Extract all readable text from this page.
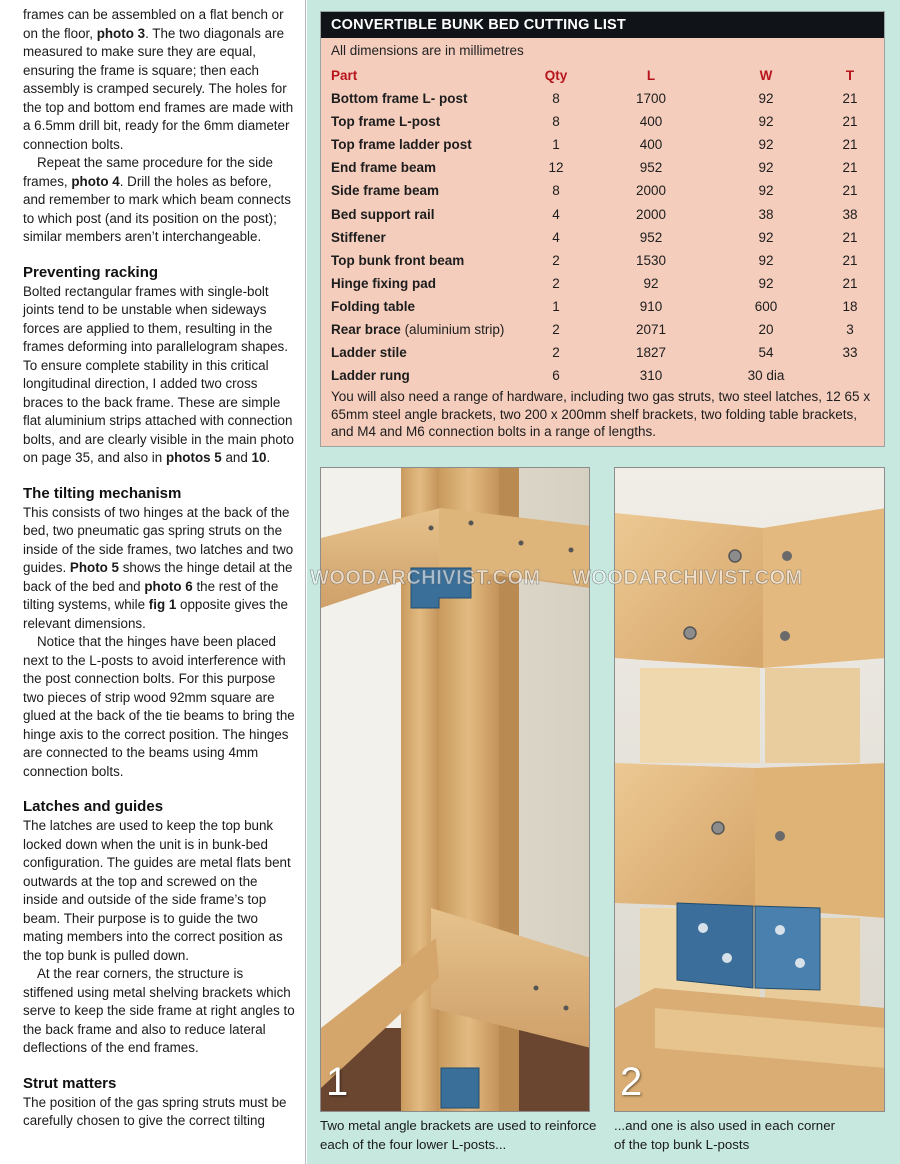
frames can be assembled on a flat bench or on the floor, photo 3. The two diagonals are measured to make sure they are equal, ensuring the frame is square; then each assembly is cramped securely. The holes for the top and bottom end frames are made with a 6.5mm drill bit, ready for the 6mm diameter connection bolts.

Repeat the same procedure for the side frames, photo 4. Drill the holes as before, and remember to mark which beam connects to which post (and its position on the post); similar members aren’t interchangeable.

Preventing racking

Bolted rectangular frames with single-bolt joints tend to be unstable when sideways forces are applied to them, resulting in the frames deforming into parallelogram shapes. To ensure complete stability in this critical longitudinal direction, I added two cross braces to the back frame. These are simple flat aluminium strips attached with connection bolts, and are clearly visible in the main photo on page 35, and also in photos 5 and 10.

The tilting mechanism

This consists of two hinges at the back of the bed, two pneumatic gas spring struts on the inside of the side frames, two latches and two guides. Photo 5 shows the hinge detail at the back of the bed and photo 6 the rest of the tilting systems, while fig 1 opposite gives the relevant dimensions.

Notice that the hinges have been placed next to the L-posts to avoid interference with the post connection bolts. For this purpose two pieces of strip wood 92mm square are glued at the back of the tie beams to bring the hinge axis to the correct position. The hinges are connected to the beams using 4mm connection bolts.

Latches and guides

The latches are used to keep the top bunk locked down when the unit is in bunk-bed configuration. The guides are metal flats bent outwards at the top and screwed on the inside and outside of the side frame’s top beam. Their purpose is to guide the two mating members into the correct position as the top bunk is pulled down.

At the rear corners, the structure is stiffened using metal shelving brackets which serve to keep the side frame at right angles to the back frame and also to reduce lateral deflections of the end frames.

Strut matters

The position of the gas spring struts must be carefully chosen to give the correct tilting

CONVERTIBLE BUNK BED CUTTING LIST
All dimensions are in millimetres
Part	Qty	L	W	T
Bottom frame L- post	8	1700	92	21
Top frame L-post	8	400	92	21
Top frame ladder post	1	400	92	21
End frame beam	12	952	92	21
Side frame beam	8	2000	92	21
Bed support rail	4	2000	38	38
Stiffener	4	952	92	21
Top bunk front beam	2	1530	92	21
Hinge fixing pad	2	92	92	21
Folding table	1	910	600	18
Rear brace (aluminium strip)	2	2071	20	3
Ladder stile	2	1827	54	33
Ladder rung	6	310	30 dia	
You will also need a range of hardware, including two gas struts, two steel latches, 12 65 x 65mm steel angle brackets, two 200 x 200mm shelf brackets, two folding table brackets, and M4 and M6 connection bolts in a range of lengths.
1	2
WOODARCHIVIST.COM WOODARCHIVIST.COM
Two metal angle brackets are used to reinforce
each of the four lower L-posts...
...and one is also used in each corner
of the top bunk L-posts
